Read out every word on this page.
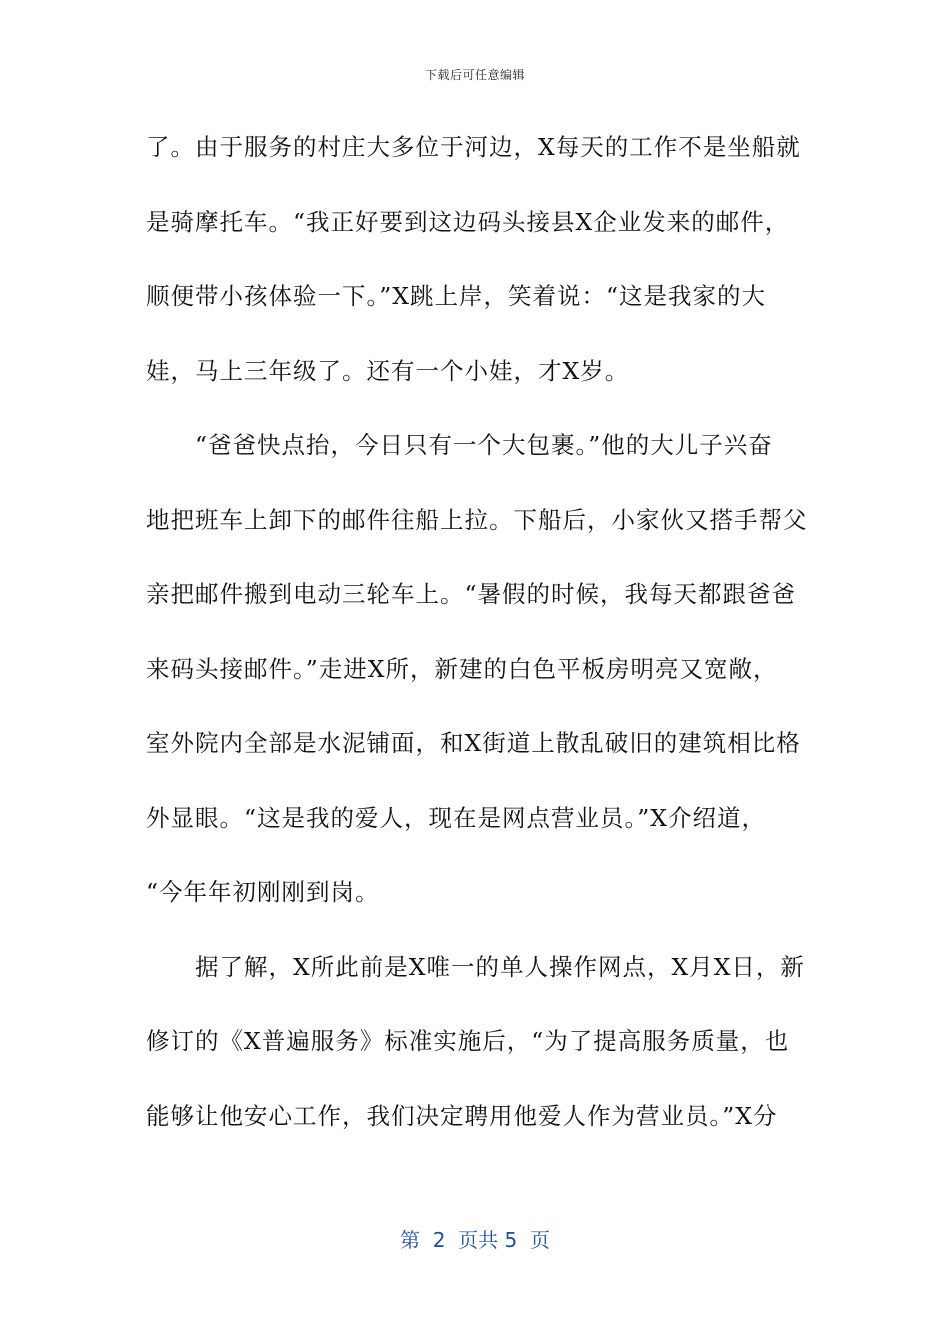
下载后可任意编辑
了。由于服务的村庄大多位于河边，X每天的工作不是坐船就
是骑摩托车。“我正好要到这边码头接县X企业发来的邮件，
顺便带小孩体验一下。”X跳上岸，笑着说：“这是我家的大
娃，马上三年级了。还有一个小娃，才X岁。
　　“爸爸快点抬，今日只有一个大包裹。”他的大儿子兴奋
地把班车上卸下的邮件往船上拉。下船后，小家伙又搭手帮父
亲把邮件搬到电动三轮车上。“暑假的时候，我每天都跟爸爸
来码头接邮件。”走进X所，新建的白色平板房明亮又宽敞，
室外院内全部是水泥铺面，和X街道上散乱破旧的建筑相比格
外显眼。“这是我的爱人，现在是网点营业员。”X介绍道，
“今年年初刚刚到岗。
　　据了解，X所此前是X唯一的单人操作网点，X月X日，新
修订的《X普遍服务》标准实施后，“为了提高服务质量，也
能够让他安心工作，我们决定聘用他爱人作为营业员。”X分
第  2  页共 5  页
